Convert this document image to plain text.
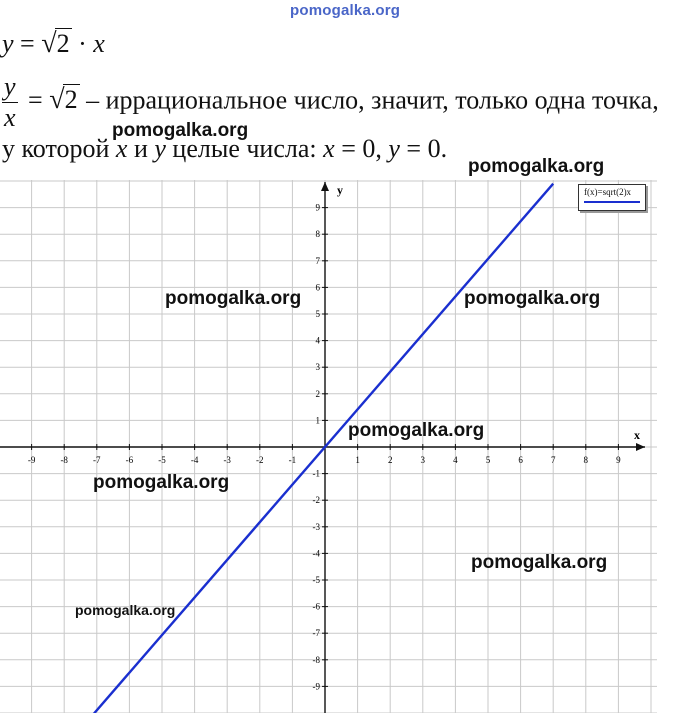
pomogalka.org
y = √2 · x
$\frac{y}{x} = √2$ – иррациональное число, значит, только одна точка,
у которой x и y целые числа: x = 0, y = 0.
x
y
-9	-8	-7	-6	-5	-4	-3	-2	-1	1	2	3	4	5	6	7	8	9
-9
-8
-7
-6
-5
-4
-3
-2
-1
1
2
3
4
5
6
7
8
9
f(x)=sqrt(2)x
pomogalka.org
pomogalka.org
pomogalka.org	pomogalka.org
pomogalka.org
pomogalka.org
pomogalka.org
pomogalka.org
